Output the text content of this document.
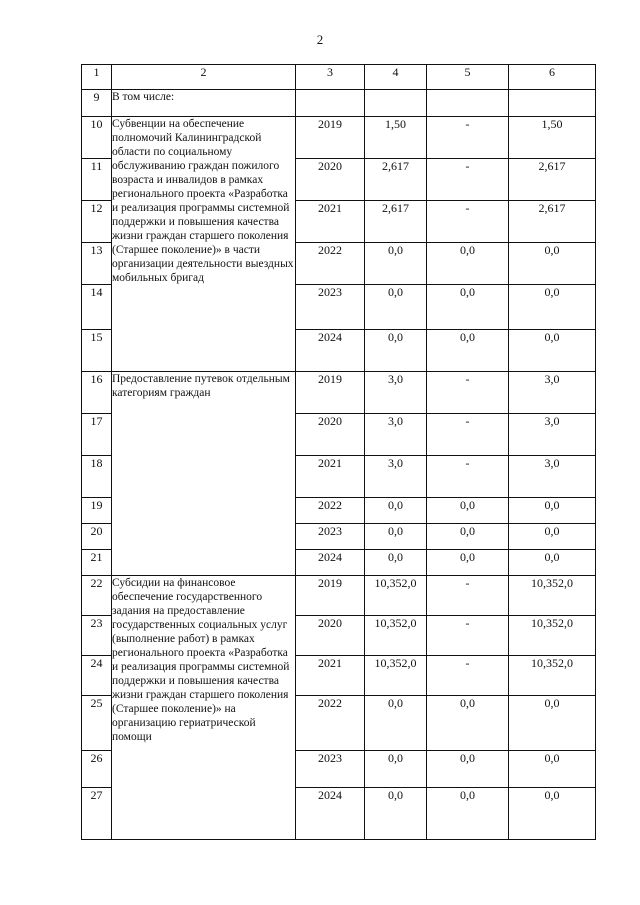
2
1	2	3	4	5	6
9	В том числе:				
10	Субвенции на обеспечение полномочий Калининградской области по социальному обслуживанию граждан пожилого возраста и инвалидов в рамках регионального проекта «Разработка и реализация программы системной поддержки и повышения качества жизни граждан старшего поколения (Старшее поколение)» в части организации деятельности выездных мобильных бригад	2019	1,50	-	1,50
11		2020	2,617	-	2,617
12		2021	2,617	-	2,617
13		2022	0,0	0,0	0,0
14		2023	0,0	0,0	0,0
15		2024	0,0	0,0	0,0
16	Предоставление путевок отдельным категориям граждан	2019	3,0	-	3,0
17		2020	3,0	-	3,0
18		2021	3,0	-	3,0
19		2022	0,0	0,0	0,0
20		2023	0,0	0,0	0,0
21		2024	0,0	0,0	0,0
22	Субсидии на финансовое обеспечение государственного задания на предоставление государственных социальных услуг (выполнение работ) в рамках регионального проекта «Разработка и реализация программы системной поддержки и повышения качества жизни граждан старшего поколения (Старшее поколение)» на организацию гериатрической помощи	2019	10,352,0	-	10,352,0
23		2020	10,352,0	-	10,352,0
24		2021	10,352,0	-	10,352,0
25		2022	0,0	0,0	0,0
26		2023	0,0	0,0	0,0
27		2024	0,0	0,0	0,0
